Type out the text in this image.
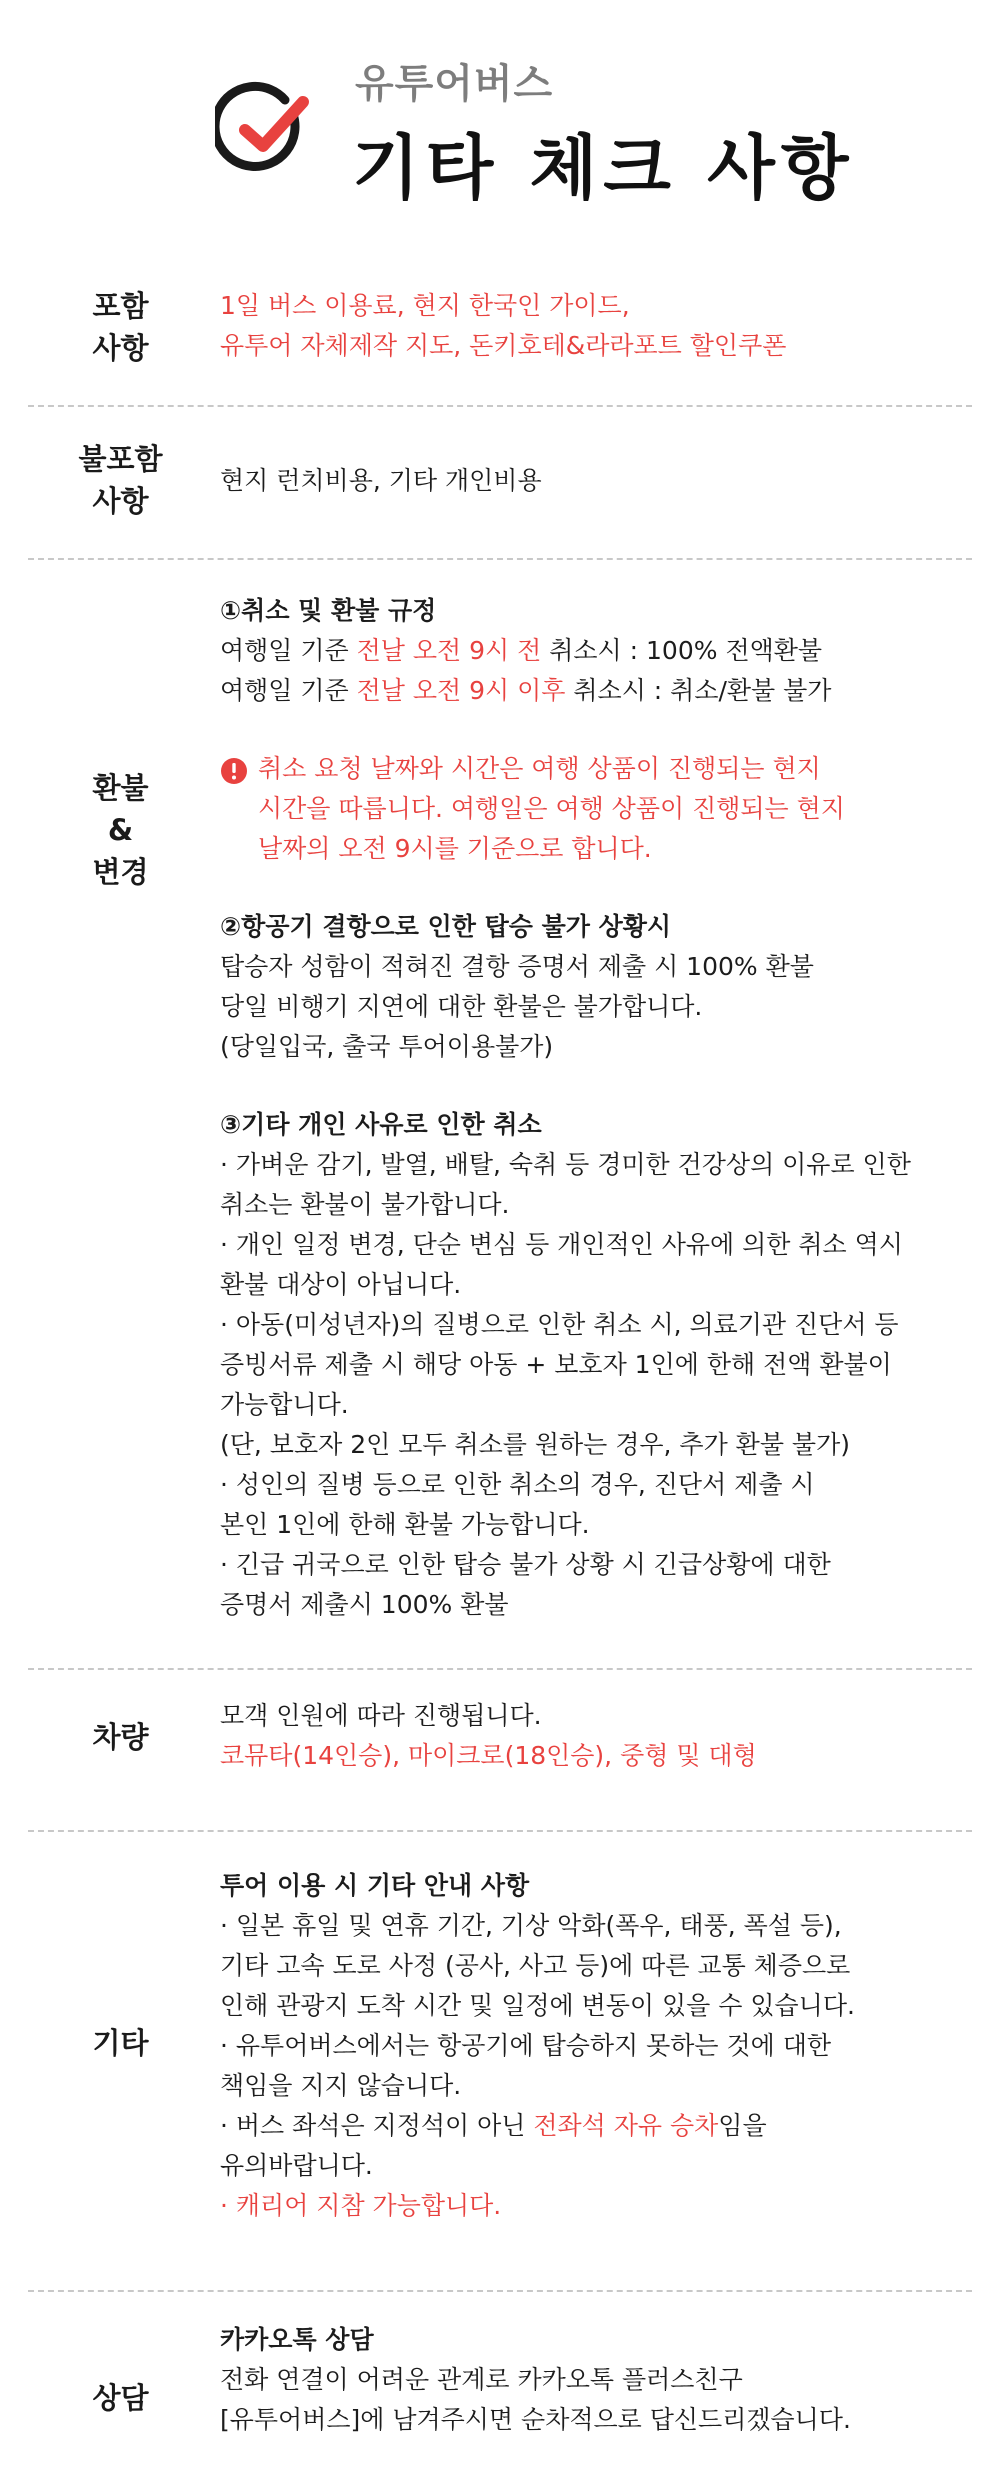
유투어버스
기타 체크 사항
포함
사항

1일 버스 이용료, 현지 한국인 가이드,

유투어 자체제작 지도, 돈키호테&라라포트 할인쿠폰

불포함
사항

현지 런치비용, 기타 개인비용

환불
&
변경

①취소 및 환불 규정

여행일 기준 전날 오전 9시 전 취소시 : 100% 전액환불

여행일 기준 전날 오전 9시 이후 취소시 : 취소/환불 불가

취소 요청 날짜와 시간은 여행 상품이 진행되는 현지

시간을 따릅니다. 여행일은 여행 상품이 진행되는 현지

날짜의 오전 9시를 기준으로 합니다.

②항공기 결항으로 인한 탑승 불가 상황시

탑승자 성함이 적혀진 결항 증명서 제출 시 100% 환불

당일 비행기 지연에 대한 환불은 불가합니다.

(당일입국, 출국 투어이용불가)

③기타 개인 사유로 인한 취소

· 가벼운 감기, 발열, 배탈, 숙취 등 경미한 건강상의 이유로 인한

취소는 환불이 불가합니다.

· 개인 일정 변경, 단순 변심 등 개인적인 사유에 의한 취소 역시

환불 대상이 아닙니다.

· 아동(미성년자)의 질병으로 인한 취소 시, 의료기관 진단서 등

증빙서류 제출 시 해당 아동 + 보호자 1인에 한해 전액 환불이

가능합니다.

(단, 보호자 2인 모두 취소를 원하는 경우, 추가 환불 불가)

· 성인의 질병 등으로 인한 취소의 경우, 진단서 제출 시

본인 1인에 한해 환불 가능합니다.

· 긴급 귀국으로 인한 탑승 불가 상황 시 긴급상황에 대한

증명서 제출시 100% 환불

차량

모객 인원에 따라 진행됩니다.

코뮤타(14인승), 마이크로(18인승), 중형 및 대형

기타

투어 이용 시 기타 안내 사항

· 일본 휴일 및 연휴 기간, 기상 악화(폭우, 태풍, 폭설 등),

기타 고속 도로 사정 (공사, 사고 등)에 따른 교통 체증으로

인해 관광지 도착 시간 및 일정에 변동이 있을 수 있습니다.

· 유투어버스에서는 항공기에 탑승하지 못하는 것에 대한

책임을 지지 않습니다.

· 버스 좌석은 지정석이 아닌 전좌석 자유 승차임을

유의바랍니다.

· 캐리어 지참 가능합니다.

상담

카카오톡 상담

전화 연결이 어려운 관계로 카카오톡 플러스친구

[유투어버스]에 남겨주시면 순차적으로 답신드리겠습니다.
